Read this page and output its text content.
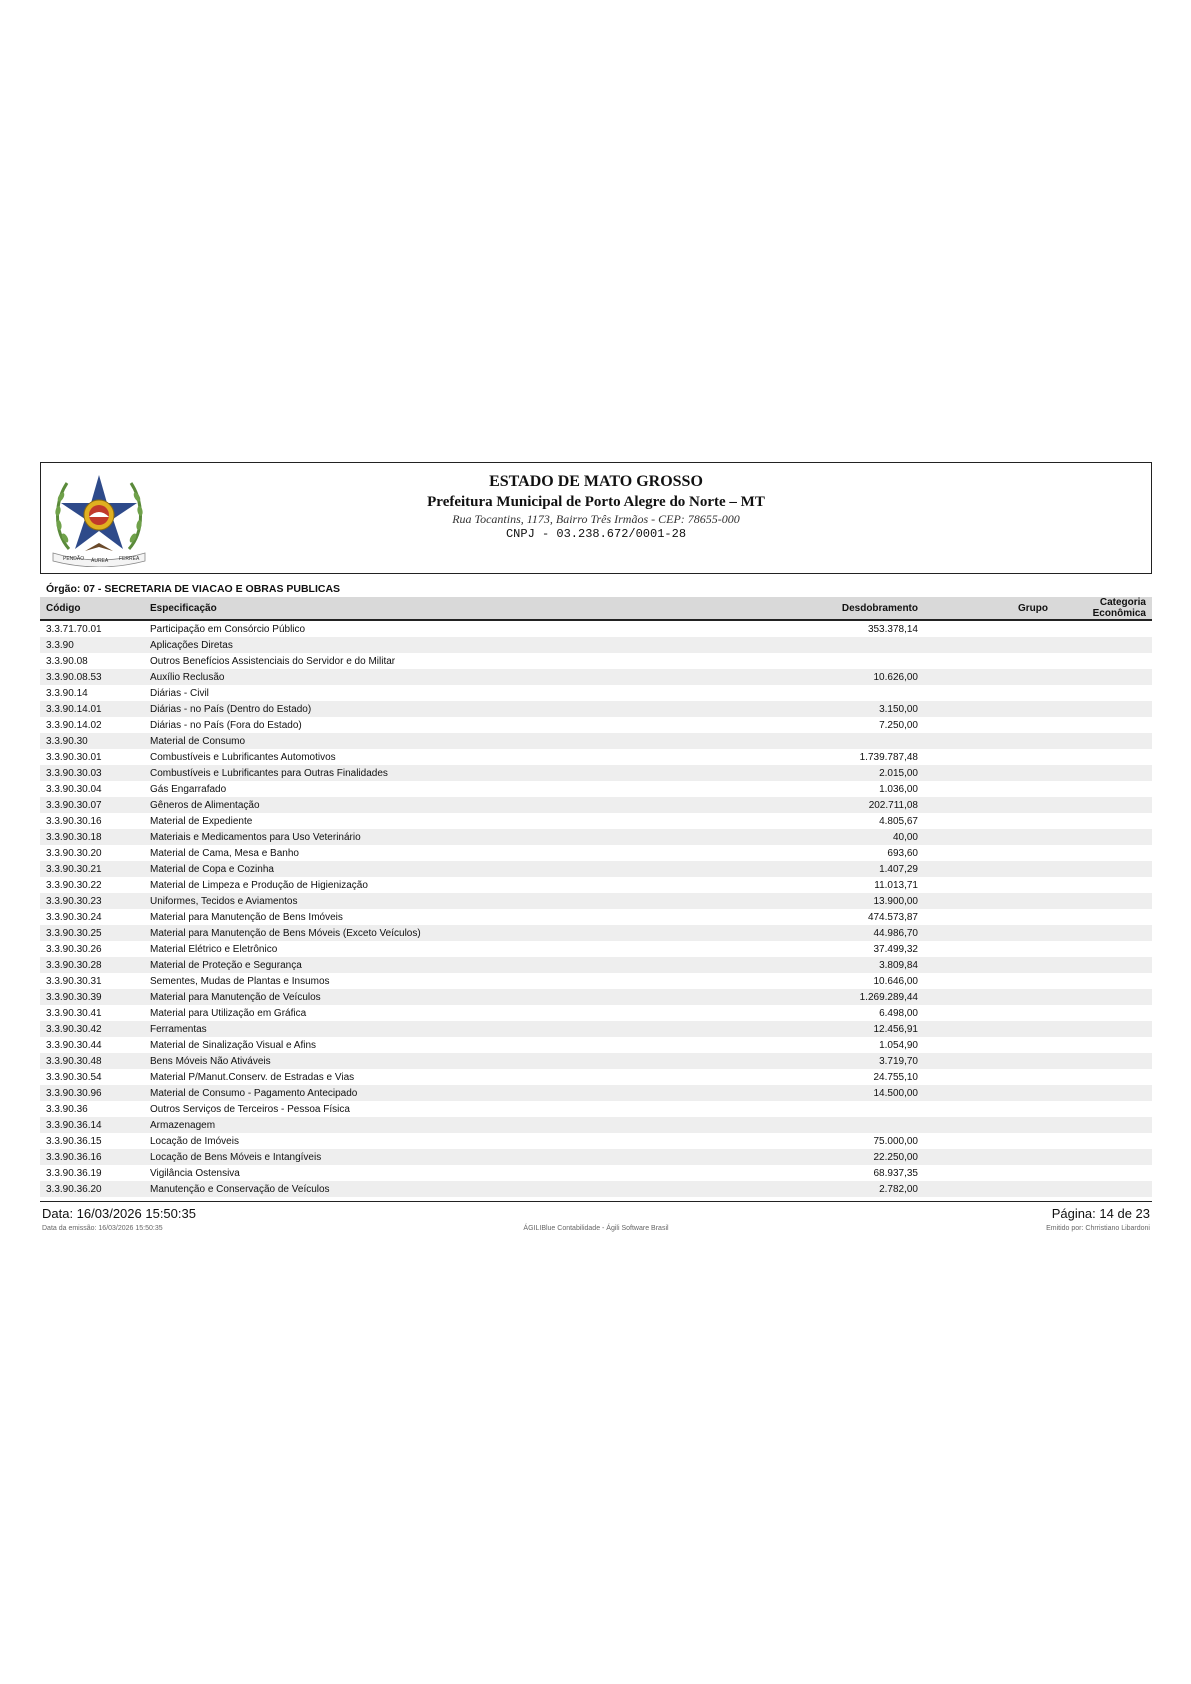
PENDÃO ÁUREA FERREA
ESTADO DE MATO GROSSO
Prefeitura Municipal de Porto Alegre do Norte – MT
Rua Tocantins, 1173, Bairro Três Irmãos - CEP: 78655-000
CNPJ - 03.238.672/0001-28
Órgão: 07 - SECRETARIA DE VIACAO E OBRAS PUBLICAS
Código	Especificação	Desdobramento	Grupo	Categoria Econômica
3.3.71.70.01	Participação em Consórcio Público	353.378,14		
3.3.90	Aplicações Diretas			
3.3.90.08	Outros Benefícios Assistenciais do Servidor e do Militar			
3.3.90.08.53	Auxílio Reclusão	10.626,00		
3.3.90.14	Diárias - Civil			
3.3.90.14.01	Diárias - no País (Dentro do Estado)	3.150,00		
3.3.90.14.02	Diárias - no País (Fora do Estado)	7.250,00		
3.3.90.30	Material de Consumo			
3.3.90.30.01	Combustíveis e Lubrificantes Automotivos	1.739.787,48		
3.3.90.30.03	Combustíveis e Lubrificantes para Outras Finalidades	2.015,00		
3.3.90.30.04	Gás Engarrafado	1.036,00		
3.3.90.30.07	Gêneros de Alimentação	202.711,08		
3.3.90.30.16	Material de Expediente	4.805,67		
3.3.90.30.18	Materiais e Medicamentos para Uso Veterinário	40,00		
3.3.90.30.20	Material de Cama, Mesa e Banho	693,60		
3.3.90.30.21	Material de Copa e Cozinha	1.407,29		
3.3.90.30.22	Material de Limpeza e Produção de Higienização	11.013,71		
3.3.90.30.23	Uniformes, Tecidos e Aviamentos	13.900,00		
3.3.90.30.24	Material para Manutenção de Bens Imóveis	474.573,87		
3.3.90.30.25	Material para Manutenção de Bens Móveis (Exceto Veículos)	44.986,70		
3.3.90.30.26	Material Elétrico e Eletrônico	37.499,32		
3.3.90.30.28	Material de Proteção e Segurança	3.809,84		
3.3.90.30.31	Sementes, Mudas de Plantas e Insumos	10.646,00		
3.3.90.30.39	Material para Manutenção de Veículos	1.269.289,44		
3.3.90.30.41	Material para Utilização em Gráfica	6.498,00		
3.3.90.30.42	Ferramentas	12.456,91		
3.3.90.30.44	Material de Sinalização Visual e Afins	1.054,90		
3.3.90.30.48	Bens Móveis Não Ativáveis	3.719,70		
3.3.90.30.54	Material P/Manut.Conserv. de Estradas e Vias	24.755,10		
3.3.90.30.96	Material de Consumo - Pagamento Antecipado	14.500,00		
3.3.90.36	Outros Serviços de Terceiros - Pessoa Física			
3.3.90.36.14	Armazenagem			
3.3.90.36.15	Locação de Imóveis	75.000,00		
3.3.90.36.16	Locação de Bens Móveis e Intangíveis	22.250,00		
3.3.90.36.19	Vigilância Ostensiva	68.937,35		
3.3.90.36.20	Manutenção e Conservação de Veículos	2.782,00		
Data: 16/03/2026 15:50:35	Página: 14 de 23
Data da emissão: 16/03/2026 15:50:35	ÁGILIBlue Contabilidade - Ágili Software Brasil	Emitido por: Chrristiano Libardoni
